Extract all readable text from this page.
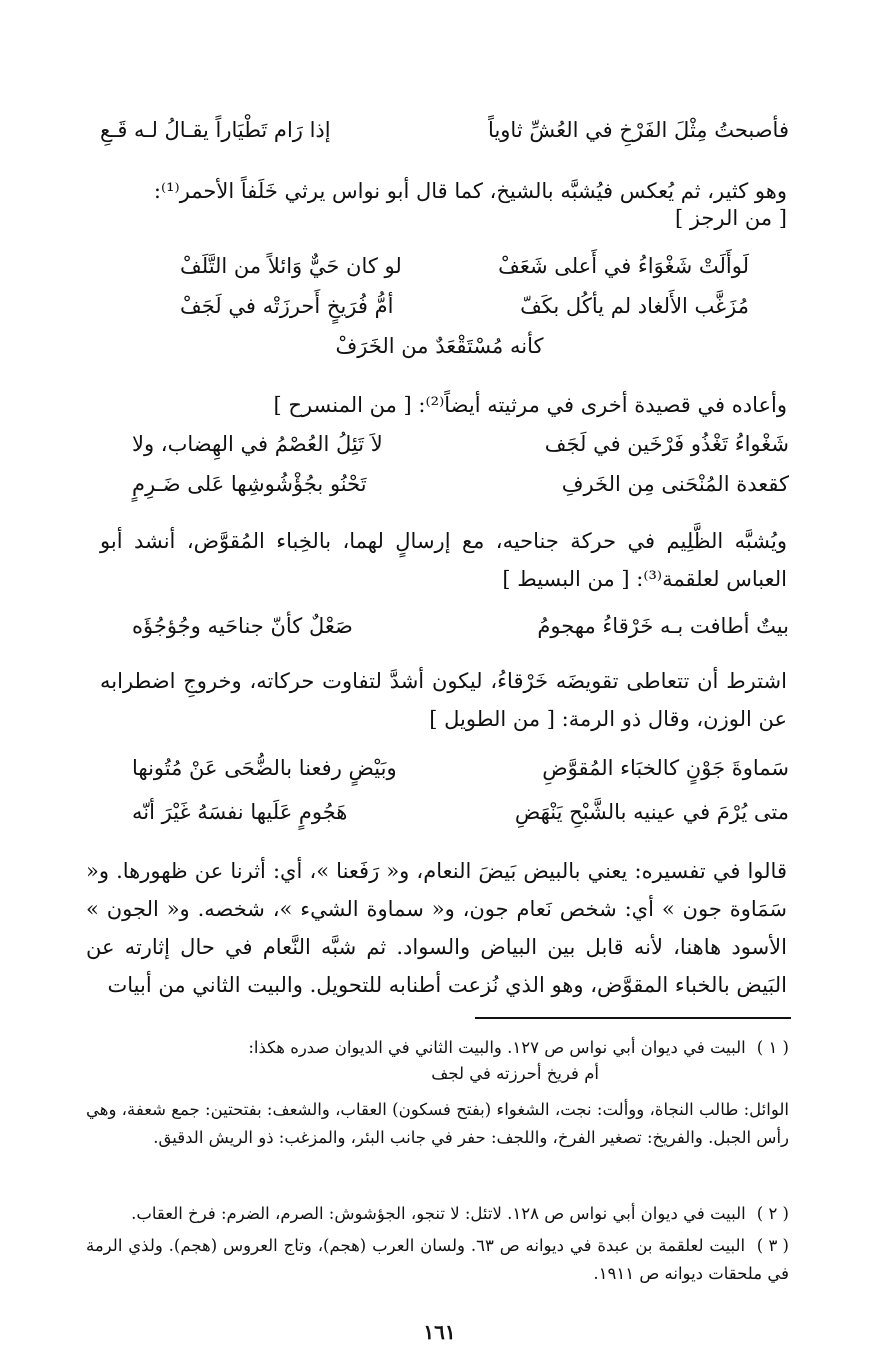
فأصبحتُ مِثْلَ الفَرْخِ في العُشِّ ثاوياً
إذا رَام تَطْيَاراً يقـالُ لـه قَـعِ
وهو كثير، ثم يُعكس فيُشبَّه بالشيخ، كما قال أبو نواس يرثي خَلَفاً الأحمر⁽¹⁾:
[ من الرجز ]
لَوأَلَتْ شَغْوَاءُ في أَعلى شَعَفْ
لو كان حَيٌّ وَائلاً من التَّلَفْ
مُزَغَّب الأَلغاد لم يأكُل بكَفّ
أمُّ فُرَيخٍ أَحرزَتْه في لَجَفْ
كأنه مُسْتَقْعَدٌ من الخَرَفْ
وأعاده في قصيدة أخرى في مرثيته أيضاً⁽²⁾: [ من المنسرح ]
شَغْواءُ تَغْذُو فَرْخَين في لَجَف
لاَ تَئِلُ العُصْمُ في الهِضاب، ولا
كقعدة المُنْحَنى مِن الخَرفِ
تَحْنُو بجُؤْشُوشِها عَلى ضَـرِمٍ
ويُشبَّه الظَّلِيم في حركة جناحيه، مع إرسالٍ لهما، بالخِباء المُقوَّض، أنشد أبو العباس لعلقمة⁽³⁾: [ من البسيط ]
بيتٌ أطافت بـه خَرْقاءُ مهجومُ
صَعْلٌ كأنّ جناحَيه وجُؤجُؤَه
اشترط أن تتعاطى تقويضَه خَرْقاءُ، ليكون أشدَّ لتفاوت حركاته، وخروجِ اضطرابه عن الوزن، وقال ذو الرمة: [ من الطويل ]
سَماوةَ جَوْنٍ كالخبَاء المُقوَّضِ
وبَيْضٍ رفعنا بالضُّحَى عَنْ مُتُونها
متى يُرْمَ في عينيه بالشَّبْحِ يَنْهَضِ
هَجُومٍ عَلَيها نفسَهُ غَيْرَ أنّه
قالوا في تفسيره: يعني بالبيض بَيضَ النعام، و« رَفَعنا »، أي: أثرنا عن ظهورها. و« سَمَاوة جون » أي: شخص نَعام جون، و« سماوة الشيء »، شخصه. و« الجون » الأسود هاهنا، لأنه قابل بين البياض والسواد. ثم شبَّه النَّعام في حال إثارته عن البَيض بالخباء المقوَّض، وهو الذي نُزعت أطنابه للتحويل. والبيت الثاني من أبيات
( ١ ) البيت في ديوان أبي نواس ص ١٢٧. والبيت الثاني في الديوان صدره هكذا:
أم فريخ أحرزته في لجف
الوائل: طالب النجاة، ووألت: نجت، الشغواء (بفتح فسكون) العقاب، والشعف: بفتحتين: جمع شعفة، وهي رأس الجبل. والفريخ: تصغير الفرخ، واللجف: حفر في جانب البئر، والمزغب: ذو الريش الدقيق.
( ٢ ) البيت في ديوان أبي نواس ص ١٢٨. لاتئل: لا تنجو، الجؤشوش: الصرم، الضرم: فرخ العقاب.
( ٣ ) البيت لعلقمة بن عبدة في ديوانه ص ٦٣. ولسان العرب (هجم)، وتاج العروس (هجم). ولذي الرمة في ملحقات ديوانه ص ١٩١١.
١٦١
